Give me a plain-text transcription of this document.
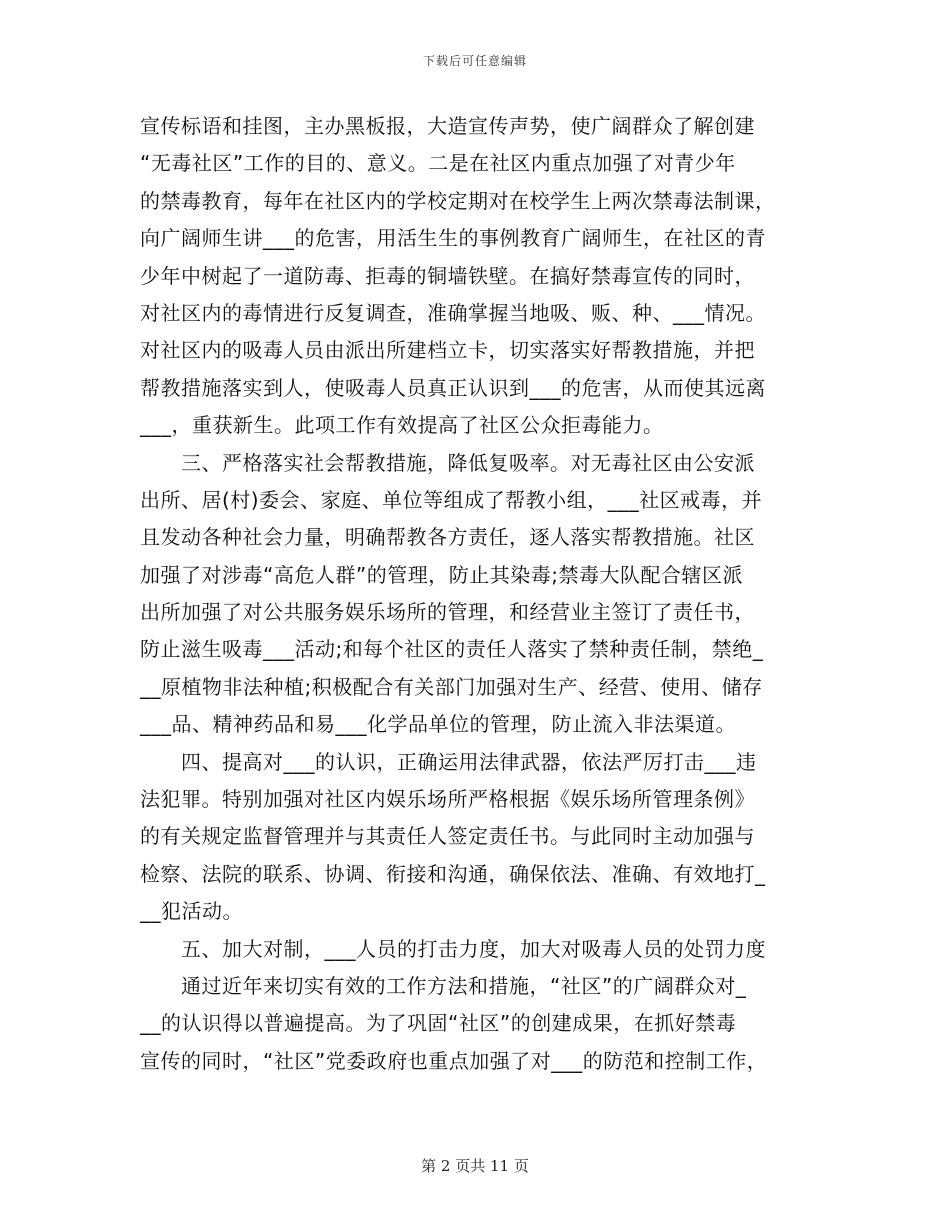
下载后可任意编辑
宣传标语和挂图，主办黑板报，大造宣传声势，使广阔群众了解创建
“无毒社区”工作的目的、意义。二是在社区内重点加强了对青少年
的禁毒教育，每年在社区内的学校定期对在校学生上两次禁毒法制课，
向广阔师生讲___的危害，用活生生的事例教育广阔师生，在社区的青
少年中树起了一道防毒、拒毒的铜墙铁壁。在搞好禁毒宣传的同时，
对社区内的毒情进行反复调查，准确掌握当地吸、贩、种、___情况。
对社区内的吸毒人员由派出所建档立卡，切实落实好帮教措施，并把
帮教措施落实到人，使吸毒人员真正认识到___的危害，从而使其远离
___，重获新生。此项工作有效提高了社区公众拒毒能力。
　　三、严格落实社会帮教措施，降低复吸率。对无毒社区由公安派
出所、居(村)委会、家庭、单位等组成了帮教小组，___社区戒毒，并
且发动各种社会力量，明确帮教各方责任，逐人落实帮教措施。社区
加强了对涉毒“高危人群”的管理，防止其染毒;禁毒大队配合辖区派
出所加强了对公共服务娱乐场所的管理，和经营业主签订了责任书，
防止滋生吸毒___活动;和每个社区的责任人落实了禁种责任制，禁绝_
__原植物非法种植;积极配合有关部门加强对生产、经营、使用、储存
___品、精神药品和易___化学品单位的管理，防止流入非法渠道。
　　四、提高对___的认识，正确运用法律武器，依法严厉打击___违
法犯罪。特别加强对社区内娱乐场所严格根据《娱乐场所管理条例》
的有关规定监督管理并与其责任人签定责任书。与此同时主动加强与
检察、法院的联系、协调、衔接和沟通，确保依法、准确、有效地打_
__犯活动。
　　五、加大对制，___人员的打击力度，加大对吸毒人员的处罚力度
　　通过近年来切实有效的工作方法和措施，“社区”的广阔群众对_
__的认识得以普遍提高。为了巩固“社区”的创建成果，在抓好禁毒
宣传的同时，“社区”党委政府也重点加强了对___的防范和控制工作，
第 2 页共 11 页
